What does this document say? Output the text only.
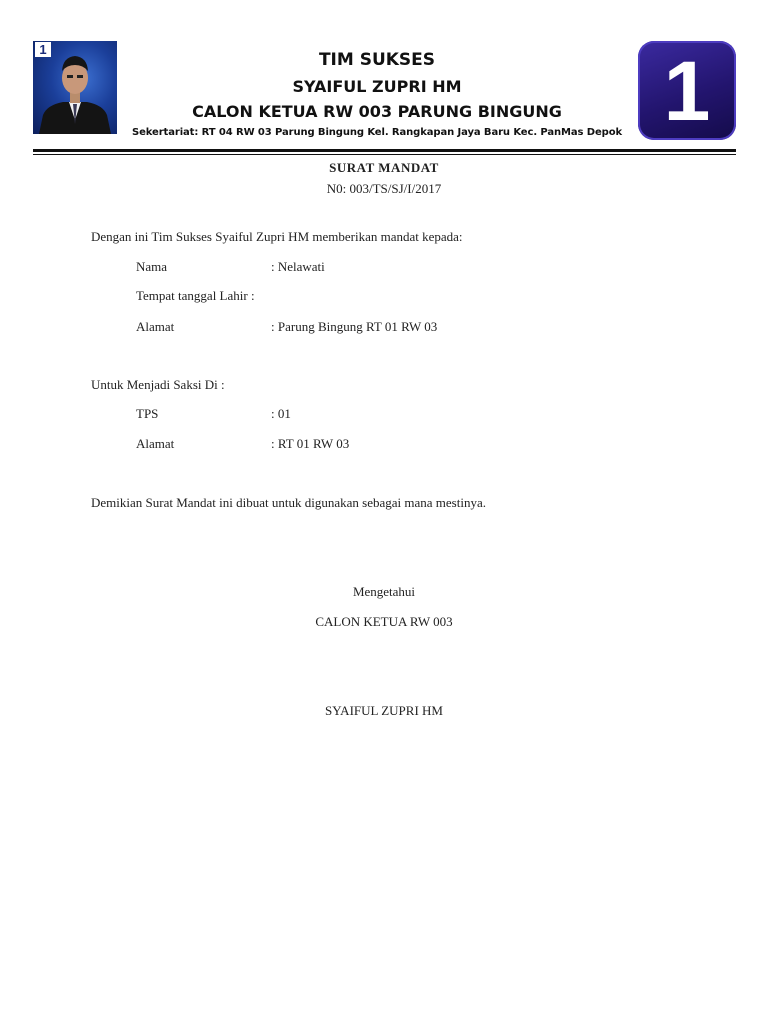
1
TIM SUKSES
SYAIFUL ZUPRI HM
CALON KETUA RW 003 PARUNG BINGUNG
Sekertariat: RT 04 RW 03 Parung Bingung Kel. Rangkapan Jaya Baru Kec. PanMas Depok 1
SURAT MANDAT
N0: 003/TS/SJ/I/2017
Dengan ini Tim Sukses Syaiful Zupri HM memberikan mandat kepada:
Nama	: Nelawati
Tempat tanggal Lahir :
Alamat	: Parung Bingung RT 01 RW 03
Untuk Menjadi Saksi Di :
TPS	: 01
Alamat	: RT 01 RW 03
Demikian Surat Mandat ini dibuat untuk digunakan sebagai mana mestinya.
Mengetahui
CALON KETUA RW 003
SYAIFUL ZUPRI HM
